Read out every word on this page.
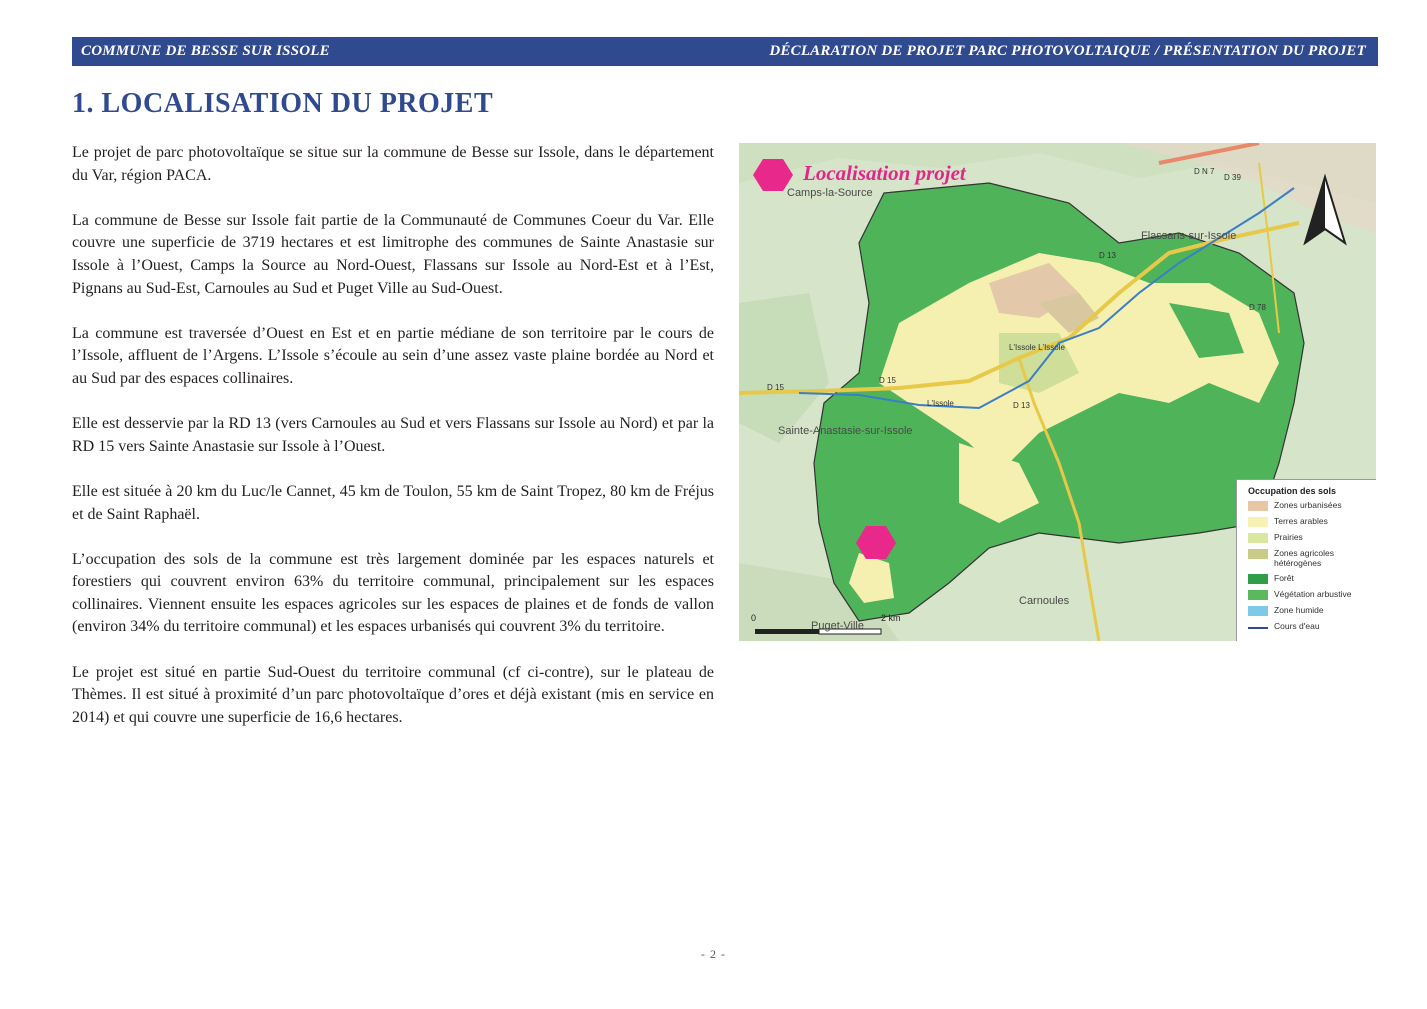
COMMUNE DE BESSE SUR ISSOLE	DÉCLARATION DE PROJET PARC PHOTOVOLTAIQUE / PRÉSENTATION DU PROJET
1. LOCALISATION DU PROJET

Le projet de parc photovoltaïque se situe sur la commune de Besse sur Issole, dans le département du Var, région PACA.

La commune de Besse sur Issole fait partie de la Communauté de Communes Coeur du Var. Elle couvre une superficie de 3719 hectares et est limitrophe des communes de Sainte Anastasie sur Issole à l’Ouest, Camps la Source au Nord-Ouest, Flassans sur Issole au Nord-Est et à l’Est, Pignans au Sud-Est, Carnoules au Sud et Puget Ville au Sud-Ouest.

La commune est traversée d’Ouest en Est et en partie médiane de son territoire par le cours de l’Issole, affluent de l’Argens. L’Issole s’écoule au sein d’une assez vaste plaine bordée au Nord et au Sud par des espaces collinaires.

Elle est desservie par la RD 13 (vers Carnoules au Sud et vers Flassans sur Issole au Nord) et par la RD 15 vers Sainte Anastasie sur Issole à l’Ouest.

Elle est située à 20 km du Luc/le Cannet, 45 km de Toulon, 55 km de Saint Tropez, 80 km de Fréjus et de Saint Raphaël.

L’occupation des sols de la commune est très largement dominée par les espaces naturels et forestiers qui couvrent environ 63% du territoire communal, principalement sur les espaces collinaires. Viennent ensuite les espaces agricoles sur les espaces de plaines et de fonds de vallon (environ 34% du territoire communal) et les espaces urbanisés qui couvrent 3% du territoire.

Le projet est situé en partie Sud-Ouest du territoire communal (cf ci-contre), sur le plateau de Thèmes. Il est situé à proximité d’un parc photovoltaïque d’ores et déjà existant (mis en service en 2014) et qui couvre une superficie de 16,6 hectares.

Localisation projet
Camps-la-Source
Flassans-sur-Issole
Sainte-Anastasie-sur-Issole
Carnoules
Puget-Ville
D 15
D 15
D 13
D 13
D 78
D N 7
D 39
L'Issole
L'Issole L'Issole
0	2 km
Occupation des sols
Zones urbanisées
Terres arables
Prairies
Zones agricoles hétérogènes
Forêt
Végétation arbustive
Zone humide
Cours d'eau
- 2 -
